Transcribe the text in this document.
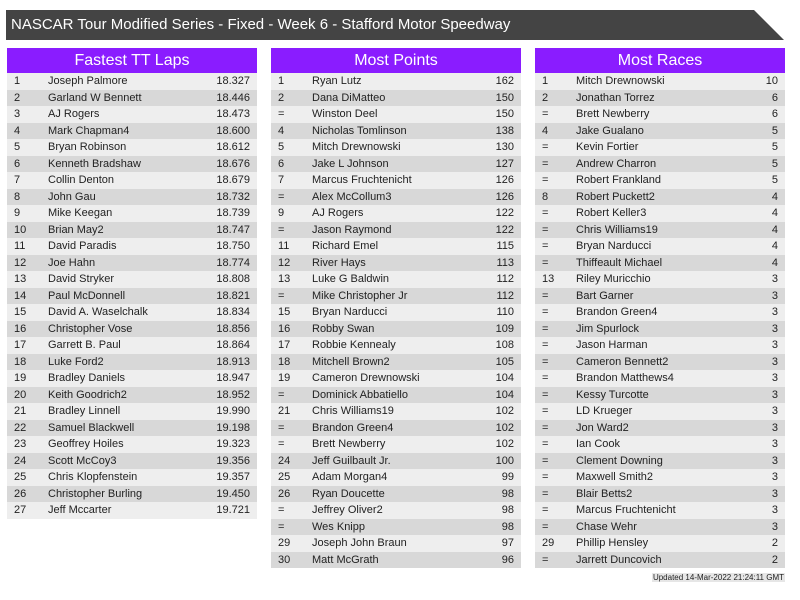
NASCAR Tour Modified Series - Fixed - Week 6 - Stafford Motor Speedway
Fastest TT Laps
1	Joseph Palmore	18.327
2	Garland W Bennett	18.446
3	AJ Rogers	18.473
4	Mark Chapman4	18.600
5	Bryan Robinson	18.612
6	Kenneth Bradshaw	18.676
7	Collin Denton	18.679
8	John Gau	18.732
9	Mike Keegan	18.739
10 Brian May2	18.747
11 David Paradis	18.750
12 Joe Hahn	18.774
13 David Stryker	18.808
14 Paul McDonnell	18.821
15 David A. Waselchalk	18.834
16 Christopher Vose	18.856
17 Garrett B. Paul	18.864
18 Luke Ford2	18.913
19 Bradley Daniels	18.947
20 Keith Goodrich2	18.952
21 Bradley Linnell	19.990
22 Samuel Blackwell	19.198
23 Geoffrey Hoiles	19.323
24 Scott McCoy3	19.356
25 Chris Klopfenstein	19.357
26 Christopher Burling	19.450
27 Jeff Mccarter	19.721
Most Points
1	Ryan Lutz	162
2	Dana DiMatteo	150
=	Winston Deel	150
4	Nicholas Tomlinson	138
5	Mitch Drewnowski	130
6	Jake L Johnson	127
7	Marcus Fruchtenicht	126
=	Alex McCollum3	126
9	AJ Rogers	122
=	Jason Raymond	122
11 Richard Emel	115
12 River Hays	113
13 Luke G Baldwin	112
=	Mike Christopher Jr	112
15 Bryan Narducci	110
16 Robby Swan	109
17 Robbie Kennealy	108
18 Mitchell Brown2	105
19 Cameron Drewnowski	104
=	Dominick Abbatiello	104
21 Chris Williams19	102
=	Brandon Green4	102
=	Brett Newberry	102
24 Jeff Guilbault Jr.	100
25 Adam Morgan4	99
26 Ryan Doucette	98
=	Jeffrey Oliver2	98
=	Wes Knipp	98
29 Joseph John Braun	97
30 Matt McGrath	96
Most Races
1	Mitch Drewnowski	10
2	Jonathan Torrez	6
=	Brett Newberry	6
4	Jake Gualano	5
=	Kevin Fortier	5
=	Andrew Charron	5
=	Robert Frankland	5
8	Robert Puckett2	4
=	Robert Keller3	4
=	Chris Williams19	4
=	Bryan Narducci	4
=	Thiffeault Michael	4
13 Riley Muricchio	3
=	Bart Garner	3
=	Brandon Green4	3
=	Jim Spurlock	3
=	Jason Harman	3
=	Cameron Bennett2	3
=	Brandon Matthews4	3
=	Kessy Turcotte	3
=	LD Krueger	3
=	Jon Ward2	3
=	Ian Cook	3
=	Clement Downing	3
=	Maxwell Smith2	3
=	Blair Betts2	3
=	Marcus Fruchtenicht	3
=	Chase Wehr	3
29 Phillip Hensley	2
=	Jarrett Duncovich	2
Updated 14-Mar-2022 21:24:11 GMT
